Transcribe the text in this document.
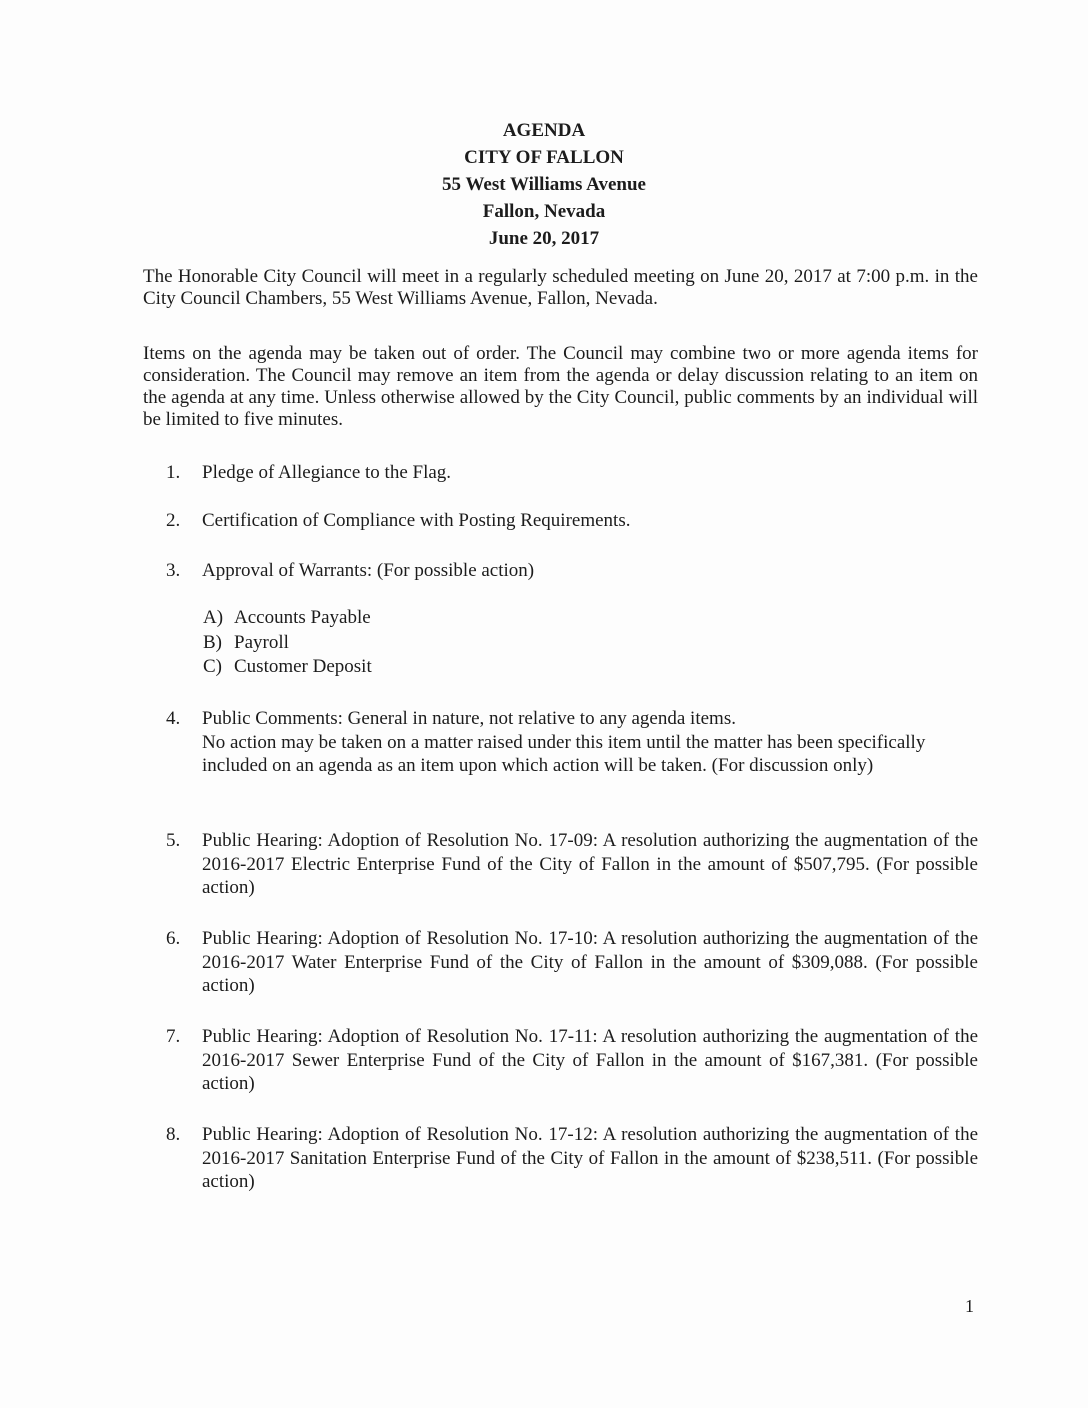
AGENDA
CITY OF FALLON
55 West Williams Avenue
Fallon, Nevada
June 20, 2017
The Honorable City Council will meet in a regularly scheduled meeting on June 20, 2017 at 7:00 p.m. in the City Council Chambers, 55 West Williams Avenue, Fallon, Nevada.
Items on the agenda may be taken out of order. The Council may combine two or more agenda items for consideration. The Council may remove an item from the agenda or delay discussion relating to an item on the agenda at any time. Unless otherwise allowed by the City Council, public comments by an individual will be limited to five minutes.
1.	Pledge of Allegiance to the Flag.
2.	Certification of Compliance with Posting Requirements.
3.	Approval of Warrants: (For possible action)
A) Accounts Payable
B) Payroll
C) Customer Deposit
4.	Public Comments: General in nature, not relative to any agenda items.
No action may be taken on a matter raised under this item until the matter has been specifically included on an agenda as an item upon which action will be taken. (For discussion only)
5.	Public Hearing: Adoption of Resolution No. 17-09: A resolution authorizing the augmentation of the 2016-2017 Electric Enterprise Fund of the City of Fallon in the amount of $507,795. (For possible action)
6.	Public Hearing: Adoption of Resolution No. 17-10: A resolution authorizing the augmentation of the 2016-2017 Water Enterprise Fund of the City of Fallon in the amount of $309,088. (For possible action)
7.	Public Hearing: Adoption of Resolution No. 17-11: A resolution authorizing the augmentation of the 2016-2017 Sewer Enterprise Fund of the City of Fallon in the amount of $167,381. (For possible action)
8.	Public Hearing: Adoption of Resolution No. 17-12: A resolution authorizing the augmentation of the 2016-2017 Sanitation Enterprise Fund of the City of Fallon in the amount of $238,511. (For possible action)
1
